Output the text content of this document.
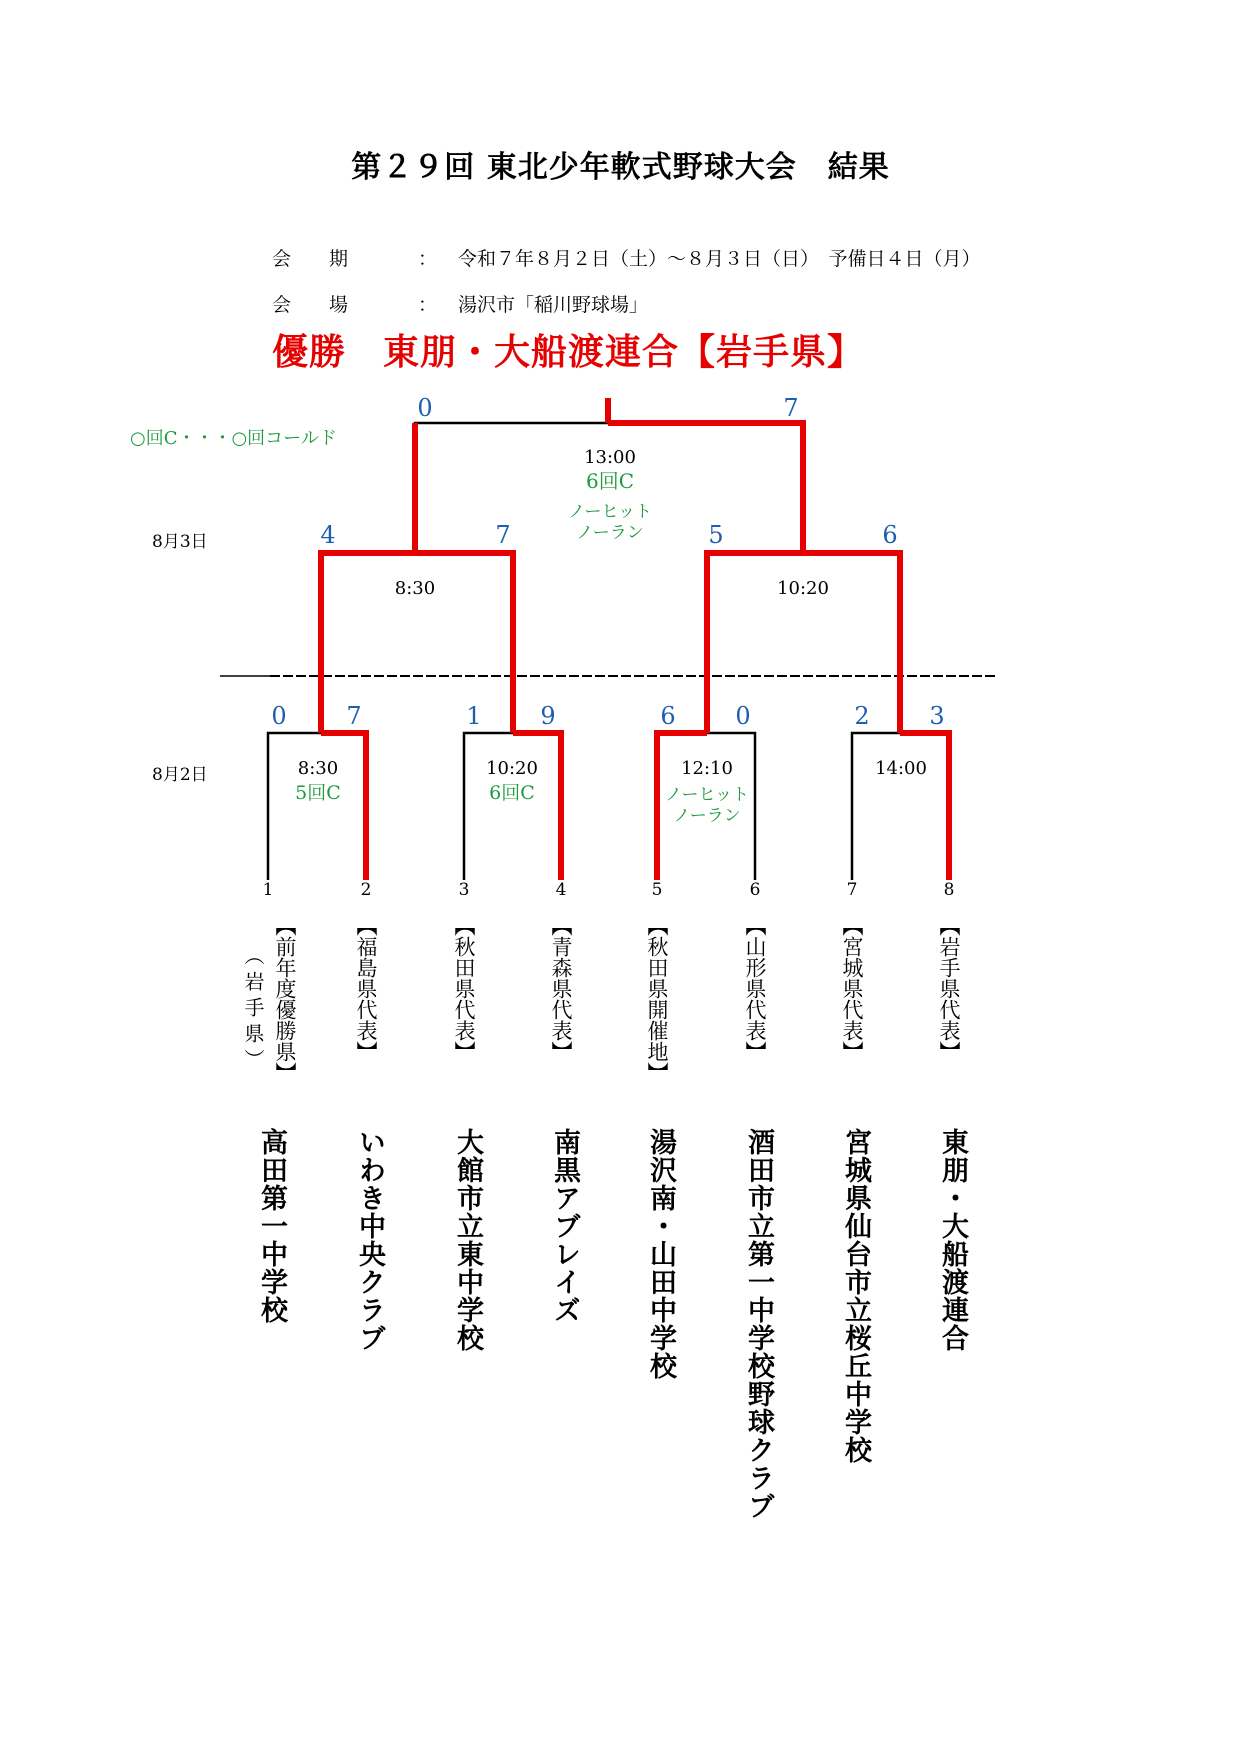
第２９回 東北少年軟式野球大会　結果
会　　期	： 令和７年８月２日（土）～８月３日（日）　予備日４日（月）
会　　場	： 湯沢市「稲川野球場」
優勝　東朋・大船渡連合【岩手県】
○回C・・・○回コールド
8月3日
8月2日
0	7
13:00
6回C
ノーヒット
ノーラン
4	7
8:30
5	6
10:20
0	7
8:30
5回C
1	9
10:20
6回C
6	0
12:10
ノーヒット
ノーラン
2	3
14:00
1	2	3	4	5	6	7	8
【前年度優勝県】
（岩手県）	【福島県代表】	【秋田県代表】	【青森県代表】	【秋田県開催地】	【山形県代表】	【宮城県代表】	【岩手県代表】
高田第一中学校 いわき中央クラブ 大館市立東中学校 南黒アブレイズ 湯沢南・山田中学校 酒田市立第一中学校野球クラブ 宮城県仙台市立桜丘中学校 東朋・大船渡連合
